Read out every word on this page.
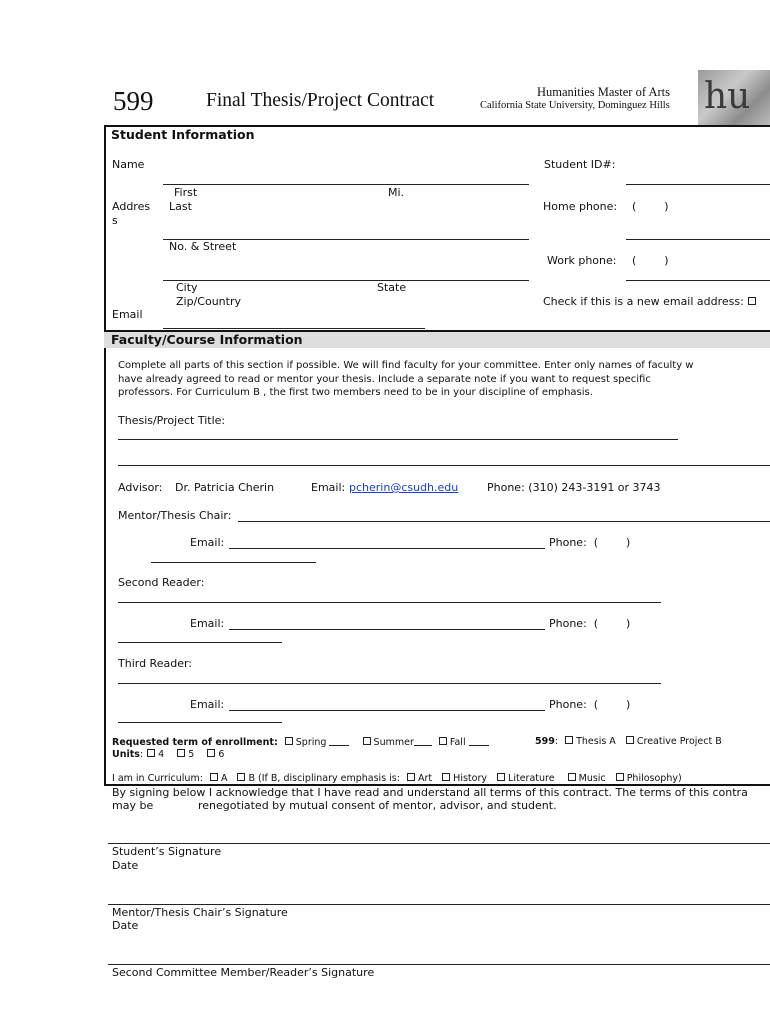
599	Final Thesis/Project Contract	Humanities Master of Arts
California State University, Dominguez Hills hu
Student Information
Name	Student ID#:
First	Mi.
Addres
s
Last	Home phone: (        )
No. & Street
Work phone: (        )
City	State
Zip/Country	Check if this is a new email address:
Email
Faculty/Course Information
Complete all parts of this section if possible. We will find faculty for your committee. Enter only names of faculty w
have already agreed to read or mentor your thesis. Include a separate note if you want to request specific
professors. For Curriculum B , the first two members need to be in your discipline of emphasis.
Thesis/Project Title:
Advisor: Dr. Patricia Cherin	Email: pcherin@csudh.edu	Phone: (310) 243-3191 or 3743
Mentor/Thesis Chair:
Email:	Phone: (        )
Second Reader:
Email:	Phone: (        )
Third Reader:
Email:	Phone: (        )
Requested term of enrollment: Spring	Summer	Fall	599: Thesis A Creative Project B
Units: 4	5	6
I am in Curriculum: A B (If B, disciplinary emphasis is: Art History Literature	Music Philosophy)
By signing below I acknowledge that I have read and understand all terms of this contract. The terms of this contra
may be	renegotiated by mutual consent of mentor, advisor, and student.
Student’s Signature
Date
Mentor/Thesis Chair’s Signature
Date
Second Committee Member/Reader’s Signature
